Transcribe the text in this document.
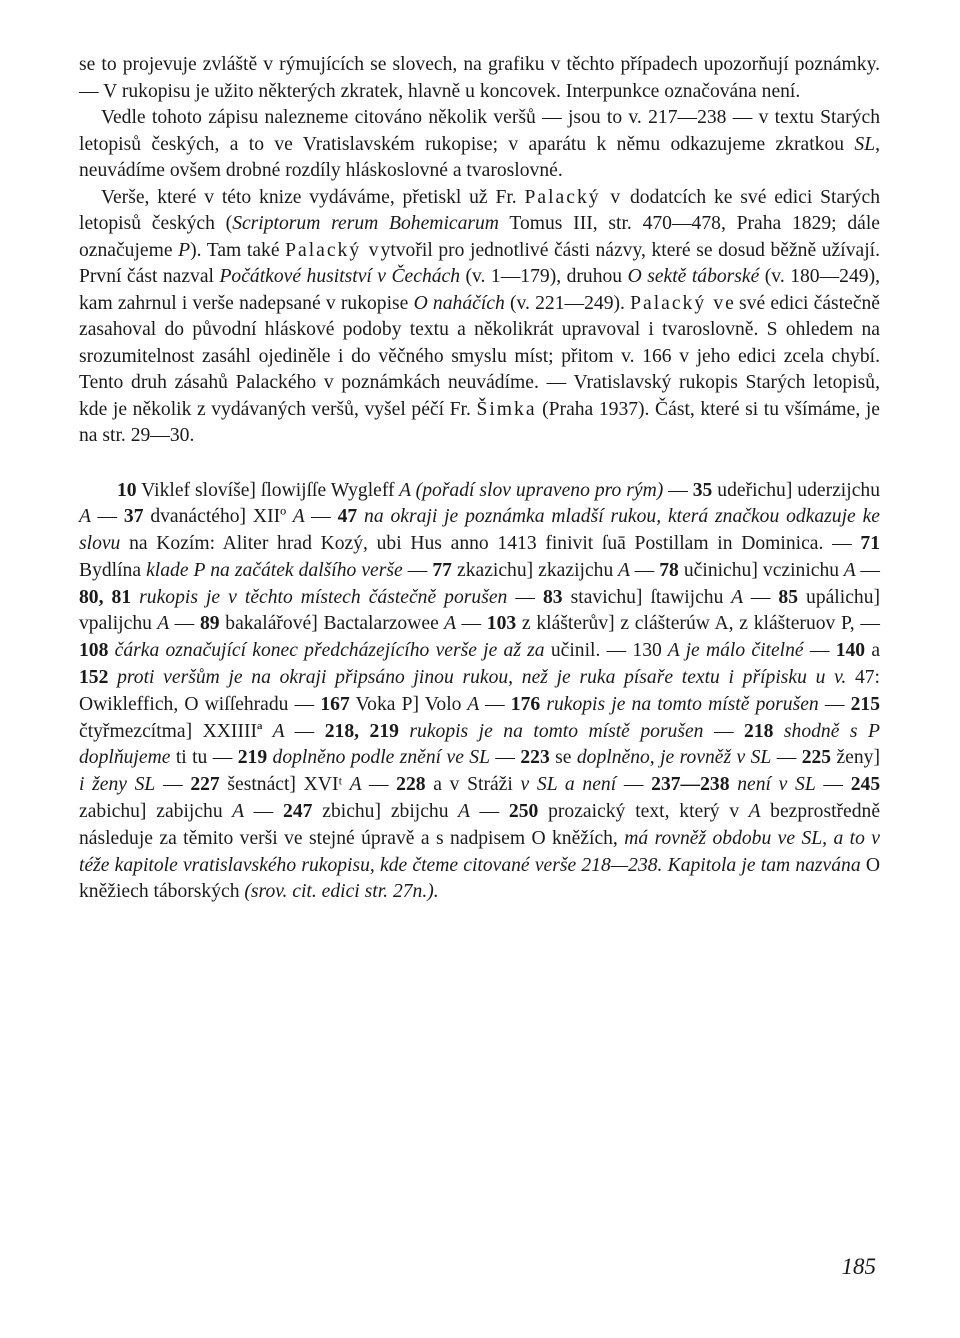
se to projevuje zvláště v rýmujících se slovech, na grafiku v těchto případech upozorňují poznámky. — V rukopisu je užito některých zkratek, hlavně u koncovek. Interpunkce označována není.

Vedle tohoto zápisu nalezneme citováno několik veršů — jsou to v. 217—238 — v textu Starých letopisů českých, a to ve Vratislavském rukopise; v aparátu k němu odkazujeme zkratkou SL, neuvádíme ovšem drobné rozdíly hláskoslovné a tvaroslovné.

Verše, které v této knize vydáváme, přetiskl už Fr. Palacký v dodatcích ke své edici Starých letopisů českých (Scriptorum rerum Bohemicarum Tomus III, str. 470—478, Praha 1829; dále označujeme P). Tam také Palacký vytvořil pro jednotlivé části názvy, které se dosud běžně užívají. První část nazval Počátkové husitství v Čechách (v. 1—179), druhou O sektě táborské (v. 180—249), kam zahrnul i verše nadepsané v rukopise O naháčích (v. 221—249). Palacký ve své edici částečně zasahoval do původní hláskové podoby textu a několikrát upravoval i tvaroslovně. S ohledem na srozumitelnost zasáhl ojediněle i do věčného smyslu míst; přitom v. 166 v jeho edici zcela chybí. Tento druh zásahů Palackého v poznámkách neuvádíme. — Vratislavský rukopis Starých letopisů, kde je několik z vydávaných veršů, vyšel péčí Fr. Šimka (Praha 1937). Část, které si tu všímáme, je na str. 29—30.

10 Viklef slovíše] ſlowijſſe Wygleff A (pořadí slov upraveno pro rým) — 35 udeřichu] uderzijchu A — 37 dvanáctého] XIIº A — 47 na okraji je poznámka mladší rukou, která značkou odkazuje ke slovu na Kozím: Aliter hrad Kozý, ubi Hus anno 1413 finivit ſuā Postillam in Dominica. — 71 Bydlína klade P na začátek dalšího verše — 77 zkazichu] zkazijchu A — 78 učinichu] vczinichu A — 80, 81 rukopis je v těchto místech částečně porušen — 83 stavichu] ſtawijchu A — 85 upálichu] vpalijchu A — 89 bakalářové] Bactalarzowee A — 103 z klášterův] z clášterúw A, z klášteruov P, — 108 čárka označující konec předcházejícího verše je až za učinil. — 130 A je málo čitelné — 140 a 152 proti veršům je na okraji připsáno jinou rukou, než je ruka písaře textu i přípisku u v. 47: Owikleffich, O wiſſehradu — 167 Voka P] Volo A — 176 rukopis je na tomto místě porušen — 215 čtyřmezcítma] XXIIIIª A — 218, 219 rukopis je na tomto místě porušen — 218 shodně s P doplňujeme ti tu — 219 doplněno podle znění ve SL — 223 se doplněno, je rovněž v SL — 225 ženy] i ženy SL — 227 šestnáct] XVIᵗ A — 228 a v Stráži v SL a není — 237—238 není v SL — 245 zabichu] zabijchu A — 247 zbichu] zbijchu A — 250 prozaický text, který v A bezprostředně následuje za těmito verši ve stejné úpravě a s nadpisem O kněžích, má rovněž obdobu ve SL, a to v téže kapitole vratislavského rukopisu, kde čteme citované verše 218—238. Kapitola je tam nazvána O kněžiech táborských (srov. cit. edici str. 27n.).

185
